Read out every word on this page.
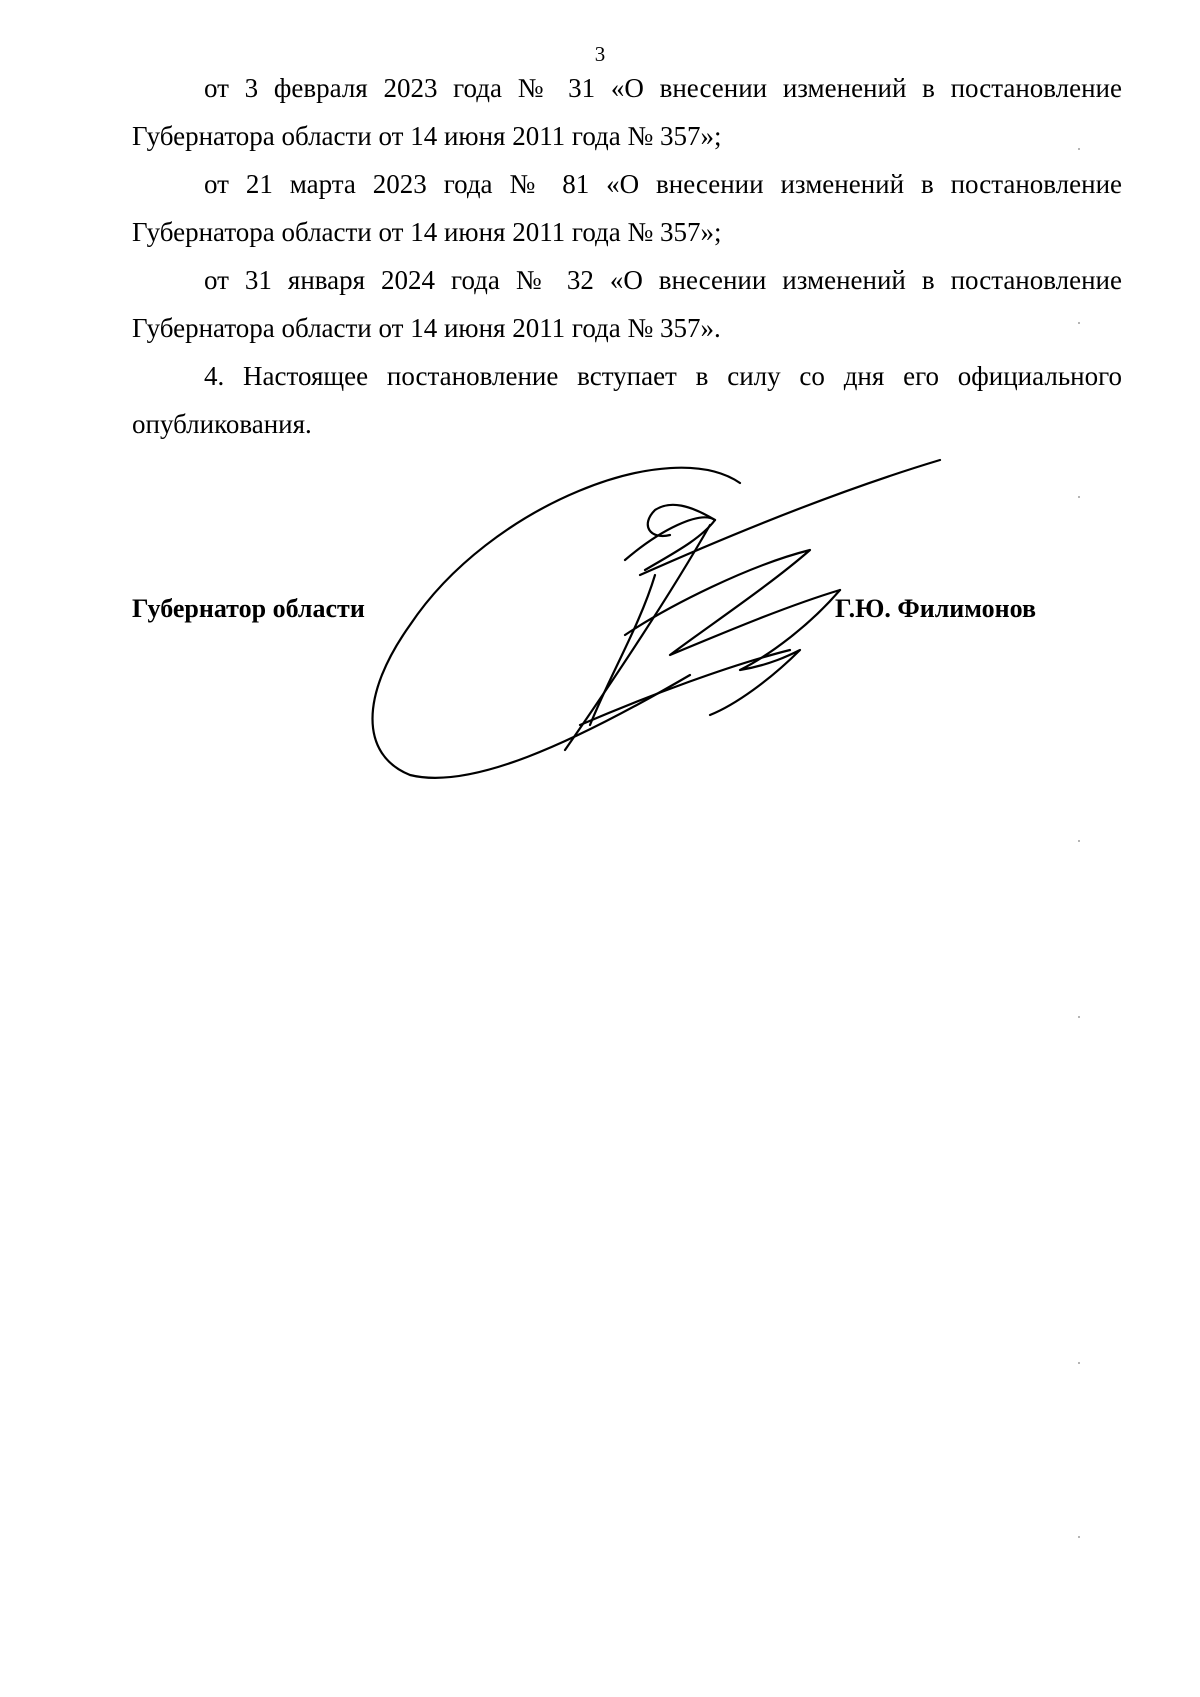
3

от 3 февраля 2023 года № 31 «О внесении изменений в постановление Губернатора области от 14 июня 2011 года № 357»;

от 21 марта 2023 года № 81 «О внесении изменений в постановление Губернатора области от 14 июня 2011 года № 357»;

от 31 января 2024 года № 32 «О внесении изменений в постановление Губернатора области от 14 июня 2011 года № 357».

4. Настоящее постановление вступает в силу со дня его официального опубликования.

Губернатор области	Г.Ю. Филимонов
